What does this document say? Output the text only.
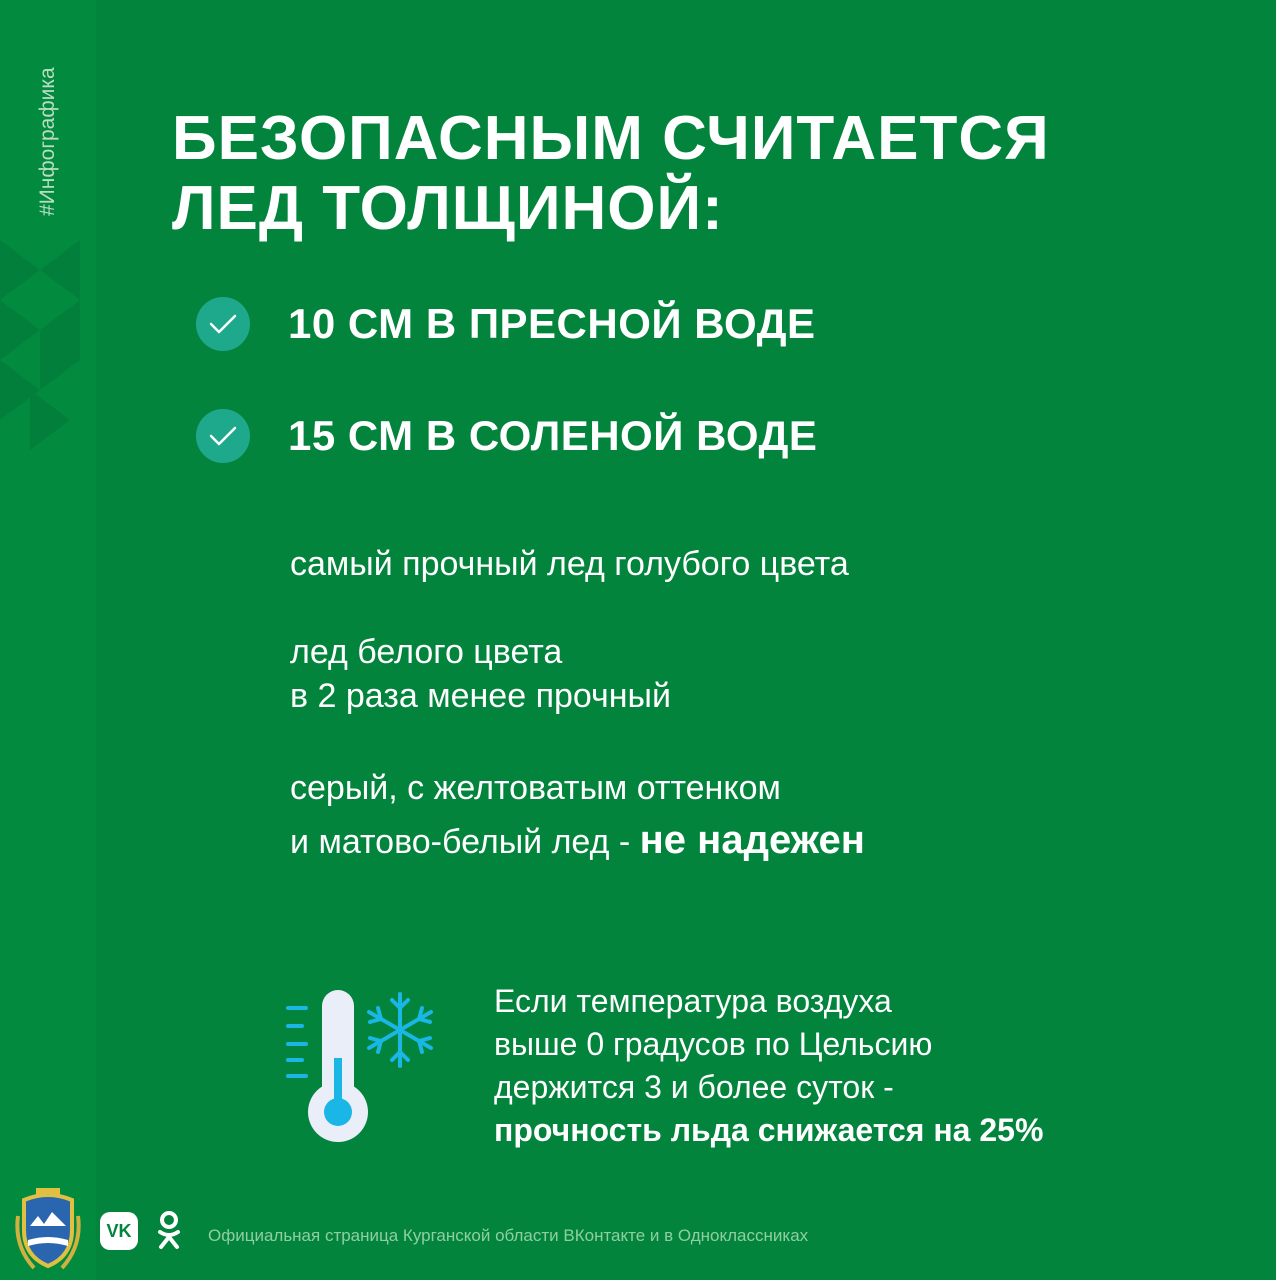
#Инфографика БЕЗОПАСНЫМ СЧИТАЕТСЯ
ЛЕД ТОЛЩИНОЙ:
10 СМ В ПРЕСНОЙ ВОДЕ
15 СМ В СОЛЕНОЙ ВОДЕ
самый прочный лед голубого цвета
лед белого цвета
в 2 раза менее прочный
серый, с желтоватым оттенком
и матово-белый лед - не надежен
Если температура воздуха
выше 0 градусов по Цельсию
держится 3 и более суток -
прочность льда снижается на 25%
VK	Официальная страница Курганской области ВКонтакте и в Одноклассниках
